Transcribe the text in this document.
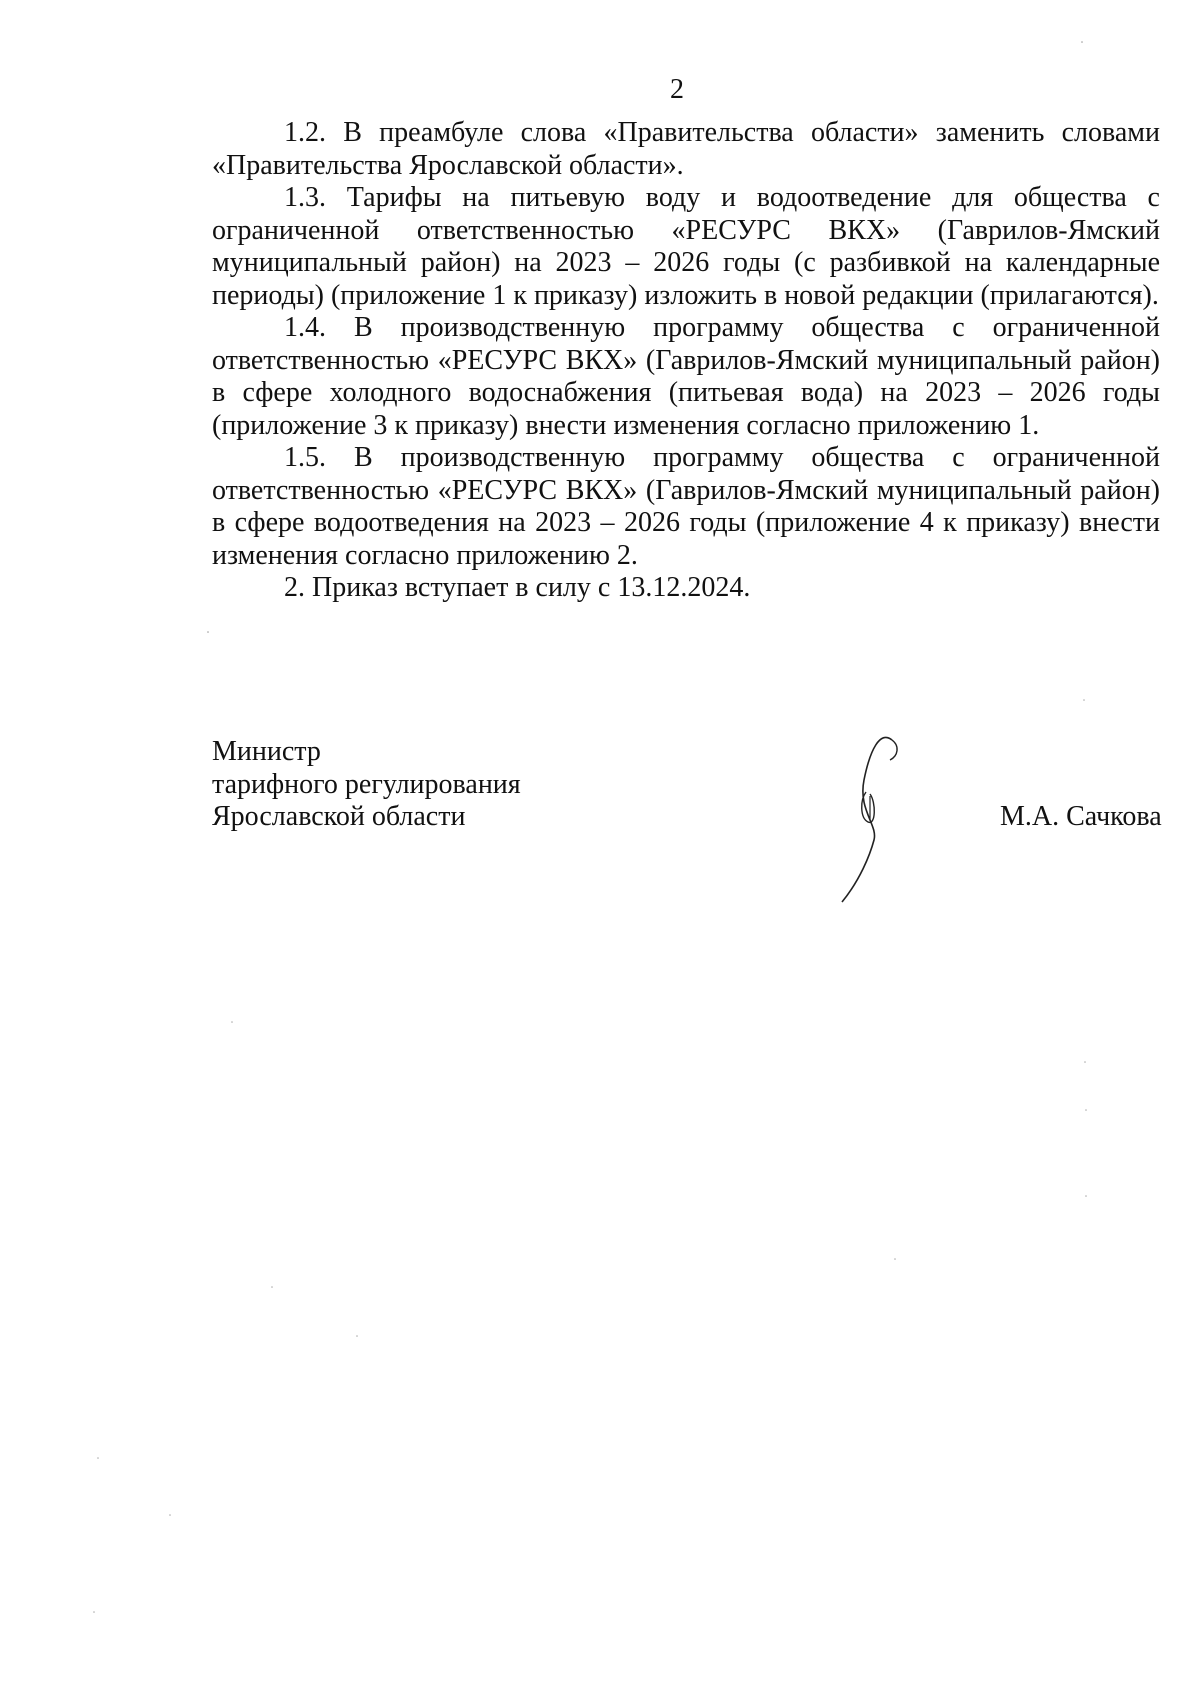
2

1.2. В преамбуле слова «Правительства области» заменить словами «Правительства Ярославской области».

1.3. Тарифы на питьевую воду и водоотведение для общества с ограниченной ответственностью «РЕСУРС ВКХ» (Гаврилов-Ямский муниципальный район) на 2023 – 2026 годы (с разбивкой на календарные периоды) (приложение 1 к приказу) изложить в новой редакции (прилагаются).

1.4. В производственную программу общества с ограниченной ответственностью «РЕСУРС ВКХ» (Гаврилов-Ямский муниципальный район) в сфере холодного водоснабжения (питьевая вода) на 2023 – 2026 годы (приложение 3 к приказу) внести изменения согласно приложению 1.

1.5. В производственную программу общества с ограниченной ответственностью «РЕСУРС ВКХ» (Гаврилов-Ямский муниципальный район) в сфере водоотведения на 2023 – 2026 годы (приложение 4 к приказу) внести изменения согласно приложению 2.

2. Приказ вступает в силу с 13.12.2024.

Министр
тарифного регулирования
Ярославской области	М.А. Сачкова
